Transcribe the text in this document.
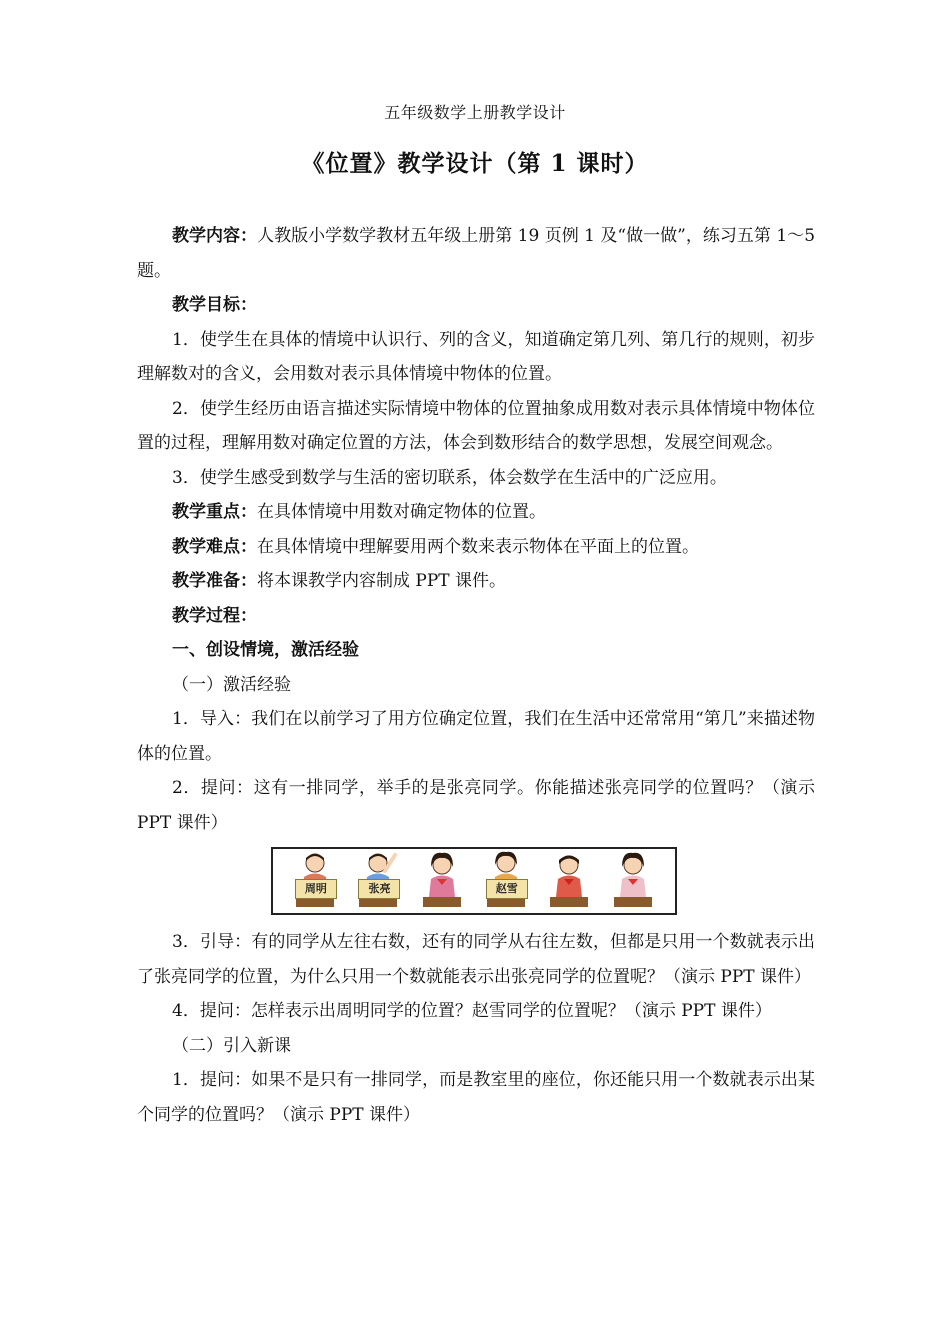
五年级数学上册教学设计
《位置》教学设计（第 1 课时）

教学内容：人教版小学数学教材五年级上册第 19 页例 1 及“做一做”，练习五第 1～5 题。

教学目标：

1．使学生在具体的情境中认识行、列的含义，知道确定第几列、第几行的规则，初步理解数对的含义，会用数对表示具体情境中物体的位置。

2．使学生经历由语言描述实际情境中物体的位置抽象成用数对表示具体情境中物体位置的过程，理解用数对确定位置的方法，体会到数形结合的数学思想，发展空间观念。

3．使学生感受到数学与生活的密切联系，体会数学在生活中的广泛应用。

教学重点：在具体情境中用数对确定物体的位置。

教学难点：在具体情境中理解要用两个数来表示物体在平面上的位置。

教学准备：将本课教学内容制成 PPT 课件。

教学过程：

一、创设情境，激活经验

（一）激活经验

1．导入：我们在以前学习了用方位确定位置，我们在生活中还常常用“第几”来描述物体的位置。

2．提问：这有一排同学，举手的是张亮同学。你能描述张亮同学的位置吗？（演示 PPT 课件）

周明	张亮	赵雪

3．引导：有的同学从左往右数，还有的同学从右往左数，但都是只用一个数就表示出了张亮同学的位置，为什么只用一个数就能表示出张亮同学的位置呢？（演示 PPT 课件）

4．提问：怎样表示出周明同学的位置？赵雪同学的位置呢？（演示 PPT 课件）

（二）引入新课

1．提问：如果不是只有一排同学，而是教室里的座位，你还能只用一个数就表示出某个同学的位置吗？（演示 PPT 课件）
